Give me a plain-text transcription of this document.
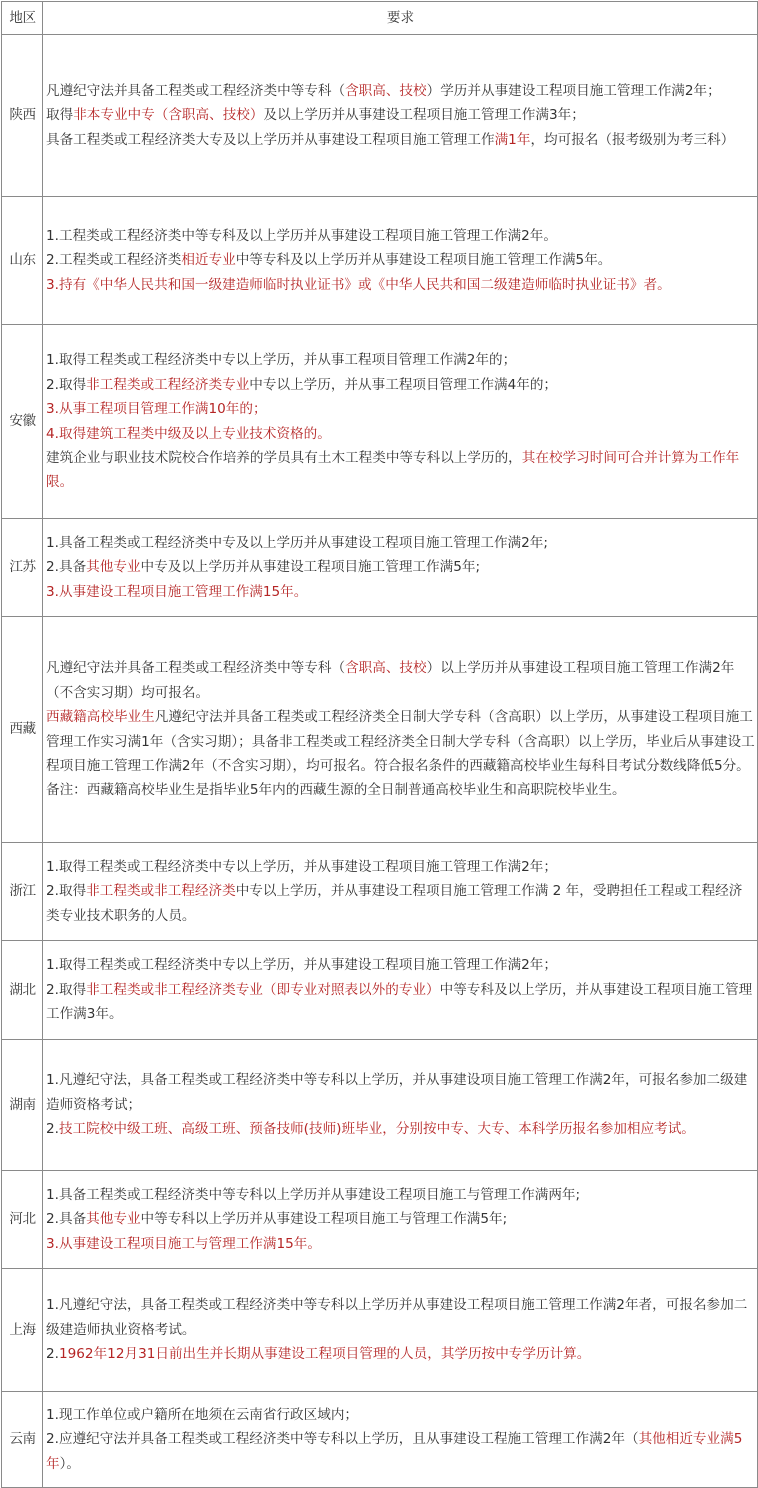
地区	要求
陕西	凡遵纪守法并具备工程类或工程经济类中等专科（含职高、技校）学历并从事建设工程项目施工管理工作满2年；
取得非本专业中专（含职高、技校）及以上学历并从事建设工程项目施工管理工作满3年；
具备工程类或工程经济类大专及以上学历并从事建设工程项目施工管理工作满1年，均可报名（报考级别为考三科）

山东	1.工程类或工程经济类中等专科及以上学历并从事建设工程项目施工管理工作满2年。
2.工程类或工程经济类相近专业中等专科及以上学历并从事建设工程项目施工管理工作满5年。
3.持有《中华人民共和国一级建造师临时执业证书》或《中华人民共和国二级建造师临时执业证书》者。

安徽	1.取得工程类或工程经济类中专以上学历，并从事工程项目管理工作满2年的；
2.取得非工程类或工程经济类专业中专以上学历，并从事工程项目管理工作满4年的；
3.从事工程项目管理工作满10年的；
4.取得建筑工程类中级及以上专业技术资格的。
建筑企业与职业技术院校合作培养的学员具有土木工程类中等专科以上学历的，其在校学习时间可合并计算为工作年限。

江苏	1.具备工程类或工程经济类中专及以上学历并从事建设工程项目施工管理工作满2年;
2.具备其他专业中专及以上学历并从事建设工程项目施工管理工作满5年;
3.从事建设工程项目施工管理工作满15年。

西藏	凡遵纪守法并具备工程类或工程经济类中等专科（含职高、技校）以上学历并从事建设工程项目施工管理工作满2年（不含实习期）均可报名。
西藏籍高校毕业生凡遵纪守法并具备工程类或工程经济类全日制大学专科（含高职）以上学历，从事建设工程项目施工管理工作实习满1年（含实习期）；具备非工程类或工程经济类全日制大学专科（含高职）以上学历，毕业后从事建设工程项目施工管理工作满2年（不含实习期），均可报名。符合报名条件的西藏籍高校毕业生每科目考试分数线降低5分。
备注：西藏籍高校毕业生是指毕业5年内的西藏生源的全日制普通高校毕业生和高职院校毕业生。

浙江	1.取得工程类或工程经济类中专以上学历，并从事建设工程项目施工管理工作满2年；
2.取得非工程类或非工程经济类中专以上学历，并从事建设工程项目施工管理工作满 2 年，受聘担任工程或工程经济类专业技术职务的人员。

湖北	1.取得工程类或工程经济类中专以上学历，并从事建设工程项目施工管理工作满2年；
2.取得非工程类或非工程经济类专业（即专业对照表以外的专业）中等专科及以上学历，并从事建设工程项目施工管理工作满3年。

湖南	1.凡遵纪守法，具备工程类或工程经济类中等专科以上学历，并从事建设项目施工管理工作满2年，可报名参加二级建造师资格考试；
2.技工院校中级工班、高级工班、预备技师(技师)班毕业，分别按中专、大专、本科学历报名参加相应考试。

河北	1.具备工程类或工程经济类中等专科以上学历并从事建设工程项目施工与管理工作满两年;
2.具备其他专业中等专科以上学历并从事建设工程项目施工与管理工作满5年;
3.从事建设工程项目施工与管理工作满15年。

上海	1.凡遵纪守法，具备工程类或工程经济类中等专科以上学历并从事建设工程项目施工管理工作满2年者，可报名参加二级建造师执业资格考试。
2.1962年12月31日前出生并长期从事建设工程项目管理的人员，其学历按中专学历计算。

云南	1.现工作单位或户籍所在地须在云南省行政区域内；
2.应遵纪守法并具备工程类或工程经济类中等专科以上学历，且从事建设工程施工管理工作满2年（其他相近专业满5年）。
